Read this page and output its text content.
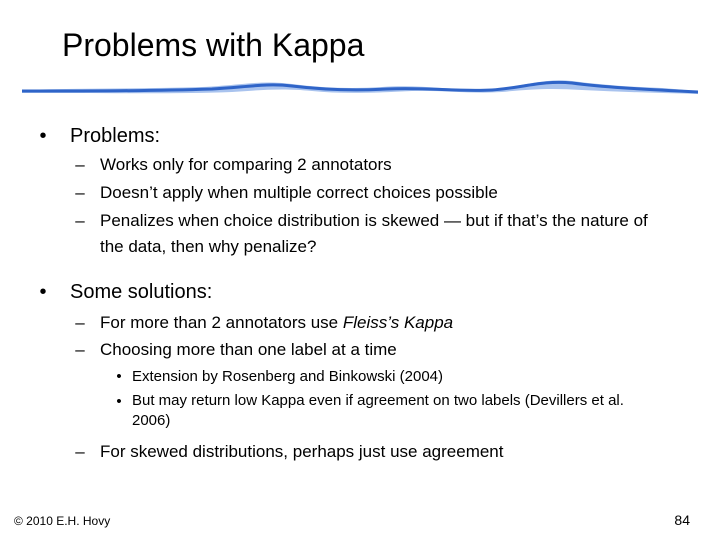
Problems with Kappa
• Problems:
– Works only for comparing 2 annotators
– Doesn’t apply when multiple correct choices possible
– Penalizes when choice distribution is skewed — but if that’s the nature of the data, then why penalize?
• Some solutions:
– For more than 2 annotators use Fleiss’s Kappa
– Choosing more than one label at a time
• Extension by Rosenberg and Binkowski (2004)
• But may return low Kappa even if agreement on two labels (Devillers et al. 2006)
– For skewed distributions, perhaps just use agreement
© 2010 E.H. Hovy	84
